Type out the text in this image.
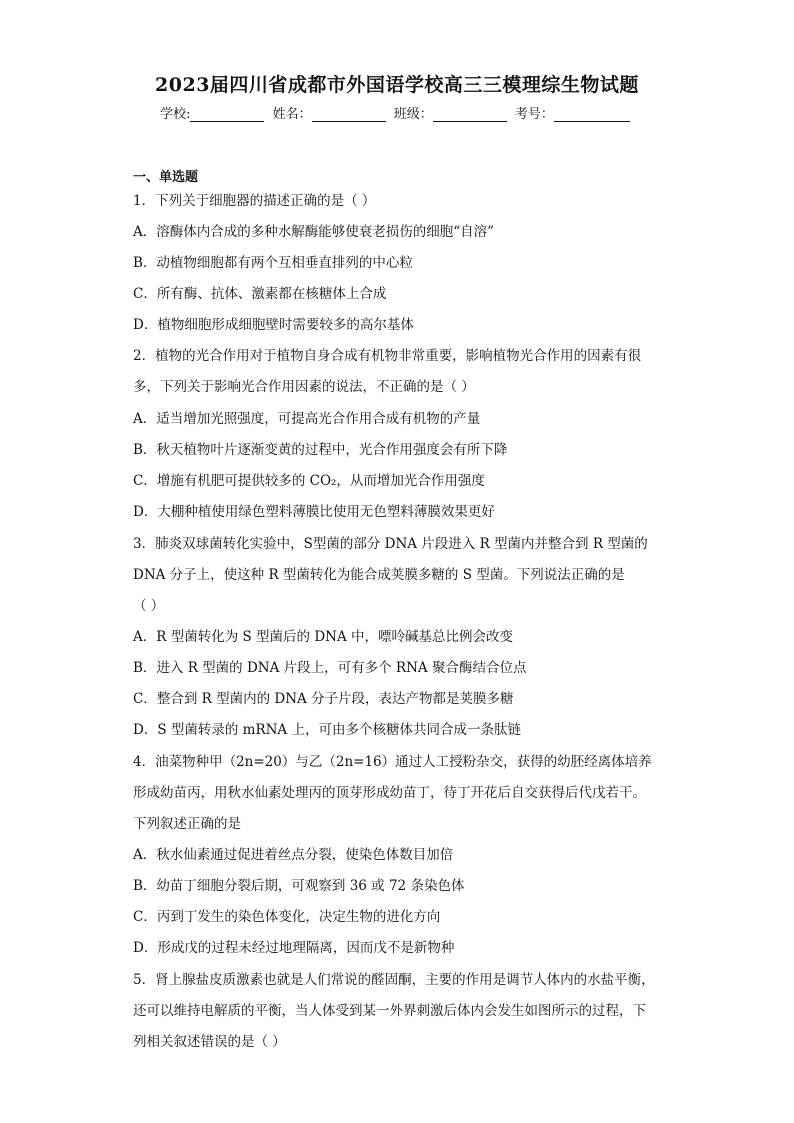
2023届四川省成都市外国语学校高三三模理综生物试题
学校:	姓名：	班级：	考号：
一、单选题
1．下列关于细胞器的描述正确的是（ ）
A．溶酶体内合成的多种水解酶能够使衰老损伤的细胞“自溶”
B．动植物细胞都有两个互相垂直排列的中心粒
C．所有酶、抗体、激素都在核糖体上合成
D．植物细胞形成细胞壁时需要较多的高尔基体
2．植物的光合作用对于植物自身合成有机物非常重要，影响植物光合作用的因素有很
多，下列关于影响光合作用因素的说法，不正确的是（ ）
A．适当增加光照强度，可提高光合作用合成有机物的产量
B．秋天植物叶片逐渐变黄的过程中，光合作用强度会有所下降
C．增施有机肥可提供较多的 CO₂，从而增加光合作用强度
D．大棚种植使用绿色塑料薄膜比使用无色塑料薄膜效果更好
3．肺炎双球菌转化实验中，S型菌的部分 DNA 片段进入 R 型菌内并整合到 R 型菌的
DNA 分子上，使这种 R 型菌转化为能合成荚膜多糖的 S 型菌。下列说法正确的是
（ ）
A．R 型菌转化为 S 型菌后的 DNA 中，嘌呤碱基总比例会改变
B．进入 R 型菌的 DNA 片段上，可有多个 RNA 聚合酶结合位点
C．整合到 R 型菌内的 DNA 分子片段，表达产物都是荚膜多糖
D．S 型菌转录的 mRNA 上，可由多个核糖体共同合成一条肽链
4．油菜物种甲（2n=20）与乙（2n=16）通过人工授粉杂交，获得的幼胚经离体培养
形成幼苗丙，用秋水仙素处理丙的顶芽形成幼苗丁，待丁开花后自交获得后代戊若干。
下列叙述正确的是
A．秋水仙素通过促进着丝点分裂，使染色体数目加倍
B．幼苗丁细胞分裂后期，可观察到 36 或 72 条染色体
C．丙到丁发生的染色体变化，决定生物的进化方向
D．形成戊的过程未经过地理隔离，因而戊不是新物种
5．肾上腺盐皮质激素也就是人们常说的醛固酮，主要的作用是调节人体内的水盐平衡，
还可以维持电解质的平衡，当人体受到某一外界刺激后体内会发生如图所示的过程，下
列相关叙述错误的是（ ）
